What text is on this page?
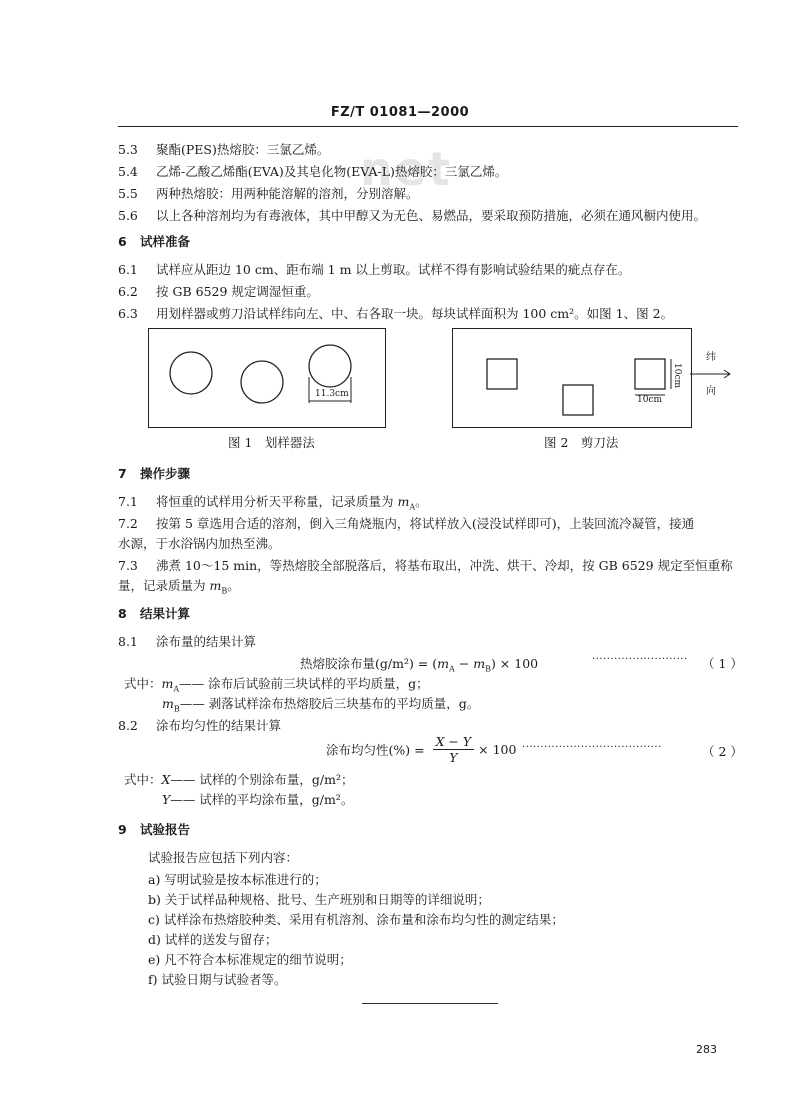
FZ/T 01081—2000
net
5.3 聚酯(PES)热熔胶：三氯乙烯。
5.4 乙烯-乙酸乙烯酯(EVA)及其皂化物(EVA-L)热熔胶：三氯乙烯。
5.5 两种热熔胶：用两种能溶解的溶剂，分别溶解。
5.6 以上各种溶剂均为有毒液体，其中甲醇又为无色、易燃品，要采取预防措施，必须在通风橱内使用。
6 试样准备
6.1 试样应从距边 10 cm、距布端 1 m 以上剪取。试样不得有影响试验结果的疵点存在。
6.2 按 GB 6529 规定调湿恒重。
6.3 用划样器或剪刀沿试样纬向左、中、右各取一块。每块试样面积为 100 cm²。如图 1、图 2。
11.3cm
图 1　划样器法
10cm
10cm
纬
向
图 2　剪刀法
7 操作步骤
7.1 将恒重的试样用分析天平称量，记录质量为 $m_A$。
7.2 按第 5 章选用合适的溶剂，倒入三角烧瓶内，将试样放入(浸没试样即可)，上装回流冷凝管，接通
水源，于水浴锅内加热至沸。
7.3 沸煮 10～15 min，等热熔胶全部脱落后，将基布取出，冲洗、烘干、冷却，按 GB 6529 规定至恒重称
量，记录质量为 $m_B$。
8 结果计算
8.1 涂布量的结果计算
热熔胶涂布量$(g/m^2) = (m_A - m_B) \times 100$	·························· （ 1 ）
式中：$m_A——$ 涂布后试验前三块试样的平均质量，g；
$m_B——$ 剥落试样涂布热熔胶后三块基布的平均质量，g。
8.2 涂布均匀性的结果计算
涂布均匀性(%) = $\frac{X - Y}{Y} \times 100$ ······································	（ 2 ）
式中：X—— 试样的个别涂布量，g/m²；
Y—— 试样的平均涂布量，g/m²。
9 试验报告
试验报告应包括下列内容：
a) 写明试验是按本标准进行的；
b) 关于试样品种规格、批号、生产班别和日期等的详细说明；
c) 试样涂布热熔胶种类、采用有机溶剂、涂布量和涂布均匀性的测定结果；
d) 试样的送发与留存；
e) 凡不符合本标准规定的细节说明；
f) 试验日期与试验者等。
283
